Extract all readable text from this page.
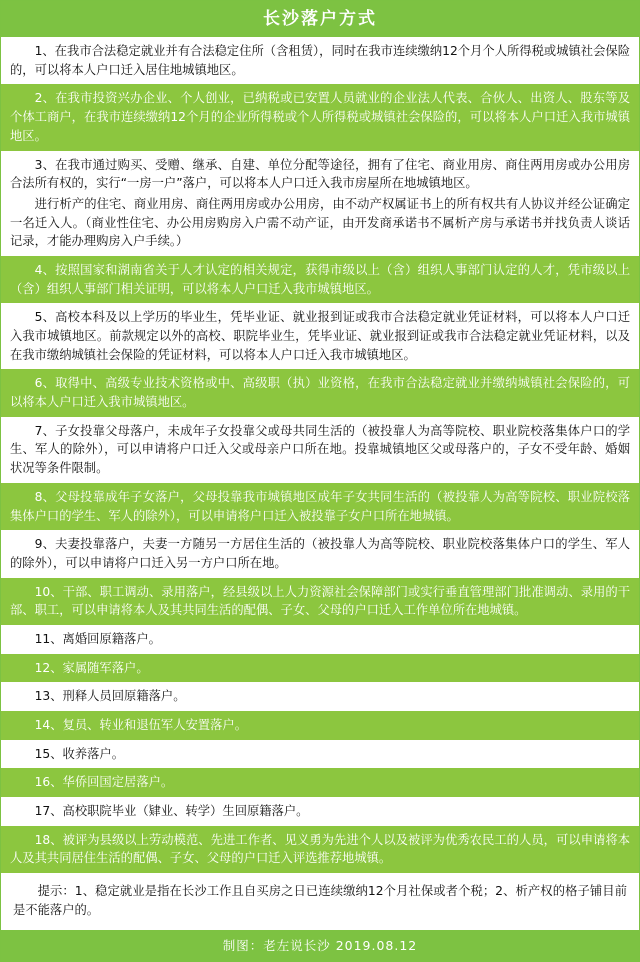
长沙落户方式

1、在我市合法稳定就业并有合法稳定住所（含租赁），同时在我市连续缴纳12个月个人所得税或城镇社会保险的，可以将本人户口迁入居住地城镇地区。

2、在我市投资兴办企业、个人创业，已纳税或已安置人员就业的企业法人代表、合伙人、出资人、股东等及个体工商户，在我市连续缴纳12个月的企业所得税或个人所得税或城镇社会保险的，可以将本人户口迁入我市城镇地区。

3、在我市通过购买、受赠、继承、自建、单位分配等途径，拥有了住宅、商业用房、商住两用房或办公用房合法所有权的，实行“一房一户”落户，可以将本人户口迁入我市房屋所在地城镇地区。

进行析产的住宅、商业用房、商住两用房或办公用房，由不动产权属证书上的所有权共有人协议并经公证确定一名迁入人。（商业性住宅、办公用房购房入户需不动产证，由开发商承诺书不属析产房与承诺书并找负责人谈话记录，才能办理购房入户手续。）

4、按照国家和湖南省关于人才认定的相关规定，获得市级以上（含）组织人事部门认定的人才，凭市级以上（含）组织人事部门相关证明，可以将本人户口迁入我市城镇地区。

5、高校本科及以上学历的毕业生，凭毕业证、就业报到证或我市合法稳定就业凭证材料，可以将本人户口迁入我市城镇地区。前款规定以外的高校、职院毕业生，凭毕业证、就业报到证或我市合法稳定就业凭证材料，以及在我市缴纳城镇社会保险的凭证材料，可以将本人户口迁入我市城镇地区。

6、取得中、高级专业技术资格或中、高级职（执）业资格，在我市合法稳定就业并缴纳城镇社会保险的，可以将本人户口迁入我市城镇地区。

7、子女投靠父母落户，未成年子女投靠父或母共同生活的（被投靠人为高等院校、职业院校落集体户口的学生、军人的除外），可以申请将户口迁入父或母亲户口所在地。投靠城镇地区父或母落户的，子女不受年龄、婚姻状况等条件限制。

8、父母投靠成年子女落户，父母投靠我市城镇地区成年子女共同生活的（被投靠人为高等院校、职业院校落集体户口的学生、军人的除外），可以申请将户口迁入被投靠子女户口所在地城镇。

9、夫妻投靠落户，夫妻一方随另一方居住生活的（被投靠人为高等院校、职业院校落集体户口的学生、军人的除外），可以申请将户口迁入另一方户口所在地。

10、干部、职工调动、录用落户，经县级以上人力资源社会保障部门或实行垂直管理部门批准调动、录用的干部、职工，可以申请将本人及其共同生活的配偶、子女、父母的户口迁入工作单位所在地城镇。

11、离婚回原籍落户。

12、家属随军落户。

13、刑释人员回原籍落户。

14、复员、转业和退伍军人安置落户。

15、收养落户。

16、华侨回国定居落户。

17、高校职院毕业（肄业、转学）生回原籍落户。

18、被评为县级以上劳动模范、先进工作者、见义勇为先进个人以及被评为优秀农民工的人员，可以申请将本人及其共同居住生活的配偶、子女、父母的户口迁入评选推荐地城镇。

提示：1、稳定就业是指在长沙工作且自买房之日已连续缴纳12个月社保或者个税；2、析产权的格子铺目前是不能落户的。
制图：老左说长沙 2019.08.12
